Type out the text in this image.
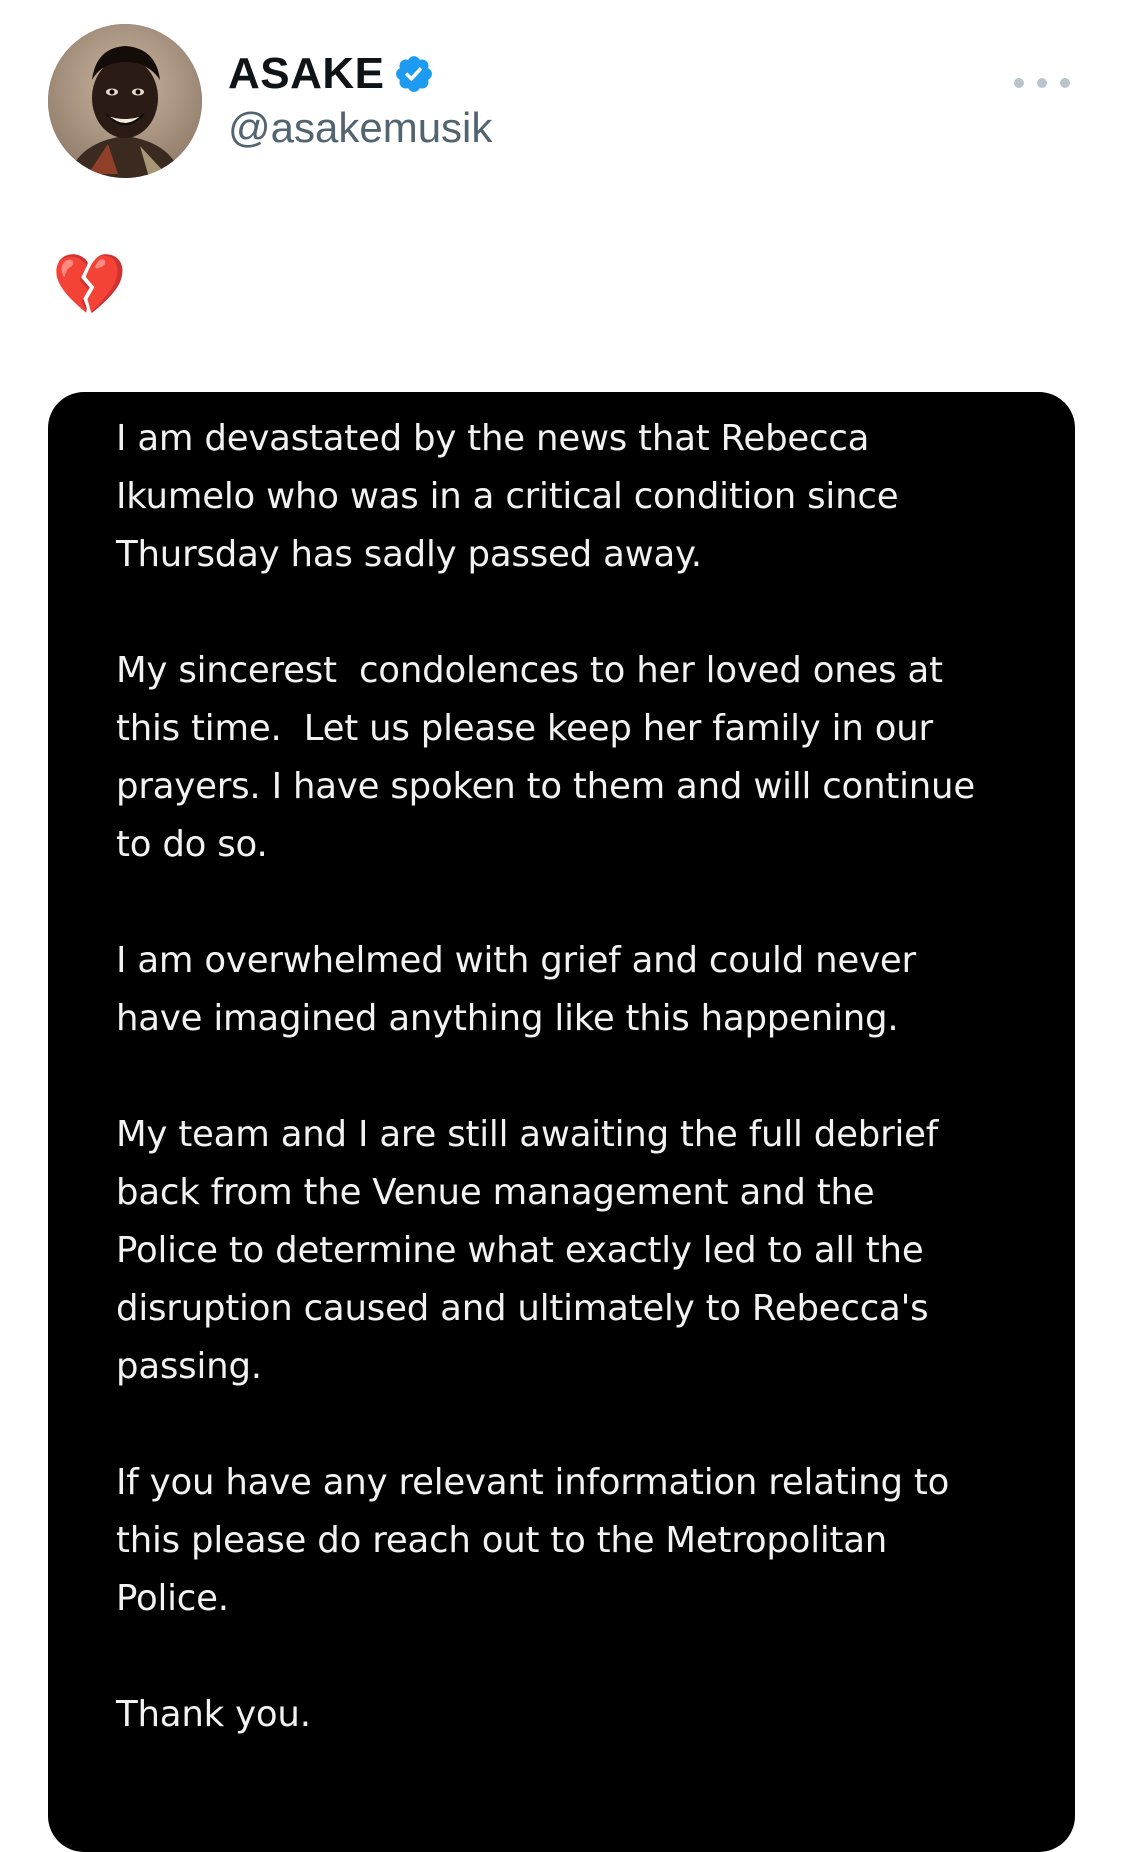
ASAKE
@asakemusik
💔

I am devastated by the news that Rebecca
Ikumelo who was in a critical condition since
Thursday has sadly passed away.

My sincerest  condolences to her loved ones at
this time.  Let us please keep her family in our
prayers. I have spoken to them and will continue
to do so.

I am overwhelmed with grief and could never
have imagined anything like this happening.

My team and I are still awaiting the full debrief
back from the Venue management and the
Police to determine what exactly led to all the
disruption caused and ultimately to Rebecca's
passing.

If you have any relevant information relating to
this please do reach out to the Metropolitan
Police.

Thank you.
